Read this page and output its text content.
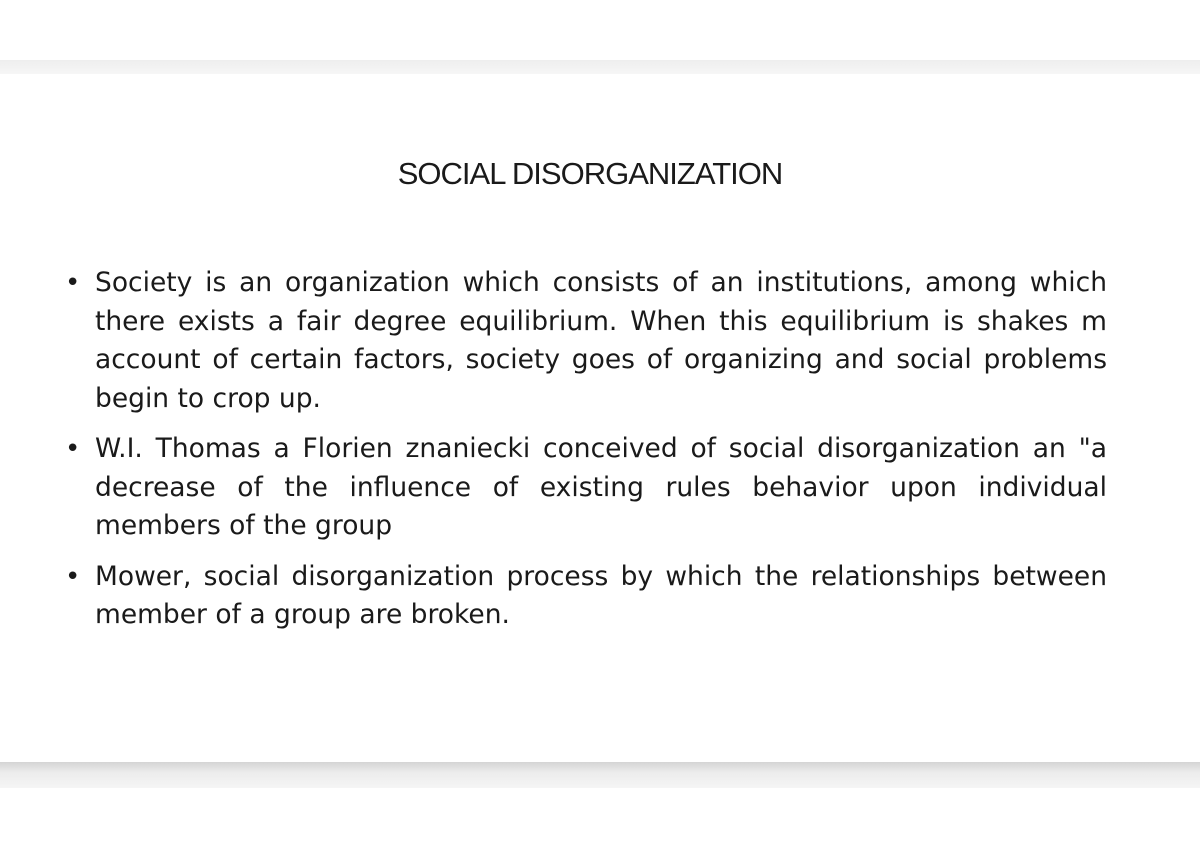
SOCIAL DISORGANIZATION
• Society is an organization which consists of an institutions, among which there exists a fair degree equilibrium. When this equilibrium is shakes m account of certain factors, society goes of organizing and social problems begin to crop up.
• W.I. Thomas a Florien znaniecki conceived of social disorganization an "a decrease of the influence of existing rules behavior upon individual members of the group
• Mower, social disorganization process by which the relationships between member of a group are broken.
